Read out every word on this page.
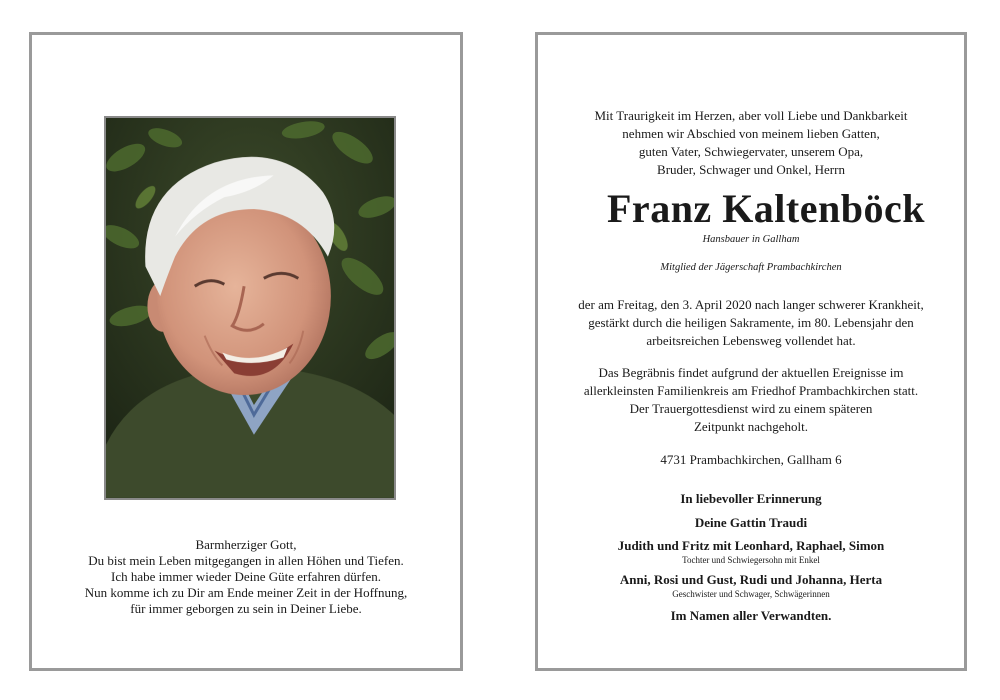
Barmherziger Gott,
Du bist mein Leben mitgegangen in allen Höhen und Tiefen.
Ich habe immer wieder Deine Güte erfahren dürfen.
Nun komme ich zu Dir am Ende meiner Zeit in der Hoffnung,
für immer geborgen zu sein in Deiner Liebe.
Mit Traurigkeit im Herzen, aber voll Liebe und Dankbarkeit
nehmen wir Abschied von meinem lieben Gatten,
guten Vater, Schwiegervater, unserem Opa,
Bruder, Schwager und Onkel, Herrn
Franz Kaltenböck
Hansbauer in Gallham
Mitglied der Jägerschaft Prambachkirchen
der am Freitag, den 3. April 2020 nach langer schwerer Krankheit,
gestärkt durch die heiligen Sakramente, im 80. Lebensjahr den
arbeitsreichen Lebensweg vollendet hat.
Das Begräbnis findet aufgrund der aktuellen Ereignisse im
allerkleinsten Familienkreis am Friedhof Prambachkirchen statt.
Der Trauergottesdienst wird zu einem späteren
Zeitpunkt nachgeholt.
4731 Prambachkirchen, Gallham 6
In liebevoller Erinnerung
Deine Gattin Traudi
Judith und Fritz mit Leonhard, Raphael, Simon
Tochter und Schwiegersohn mit Enkel
Anni, Rosi und Gust, Rudi und Johanna, Herta
Geschwister und Schwager, Schwägerinnen
Im Namen aller Verwandten.
